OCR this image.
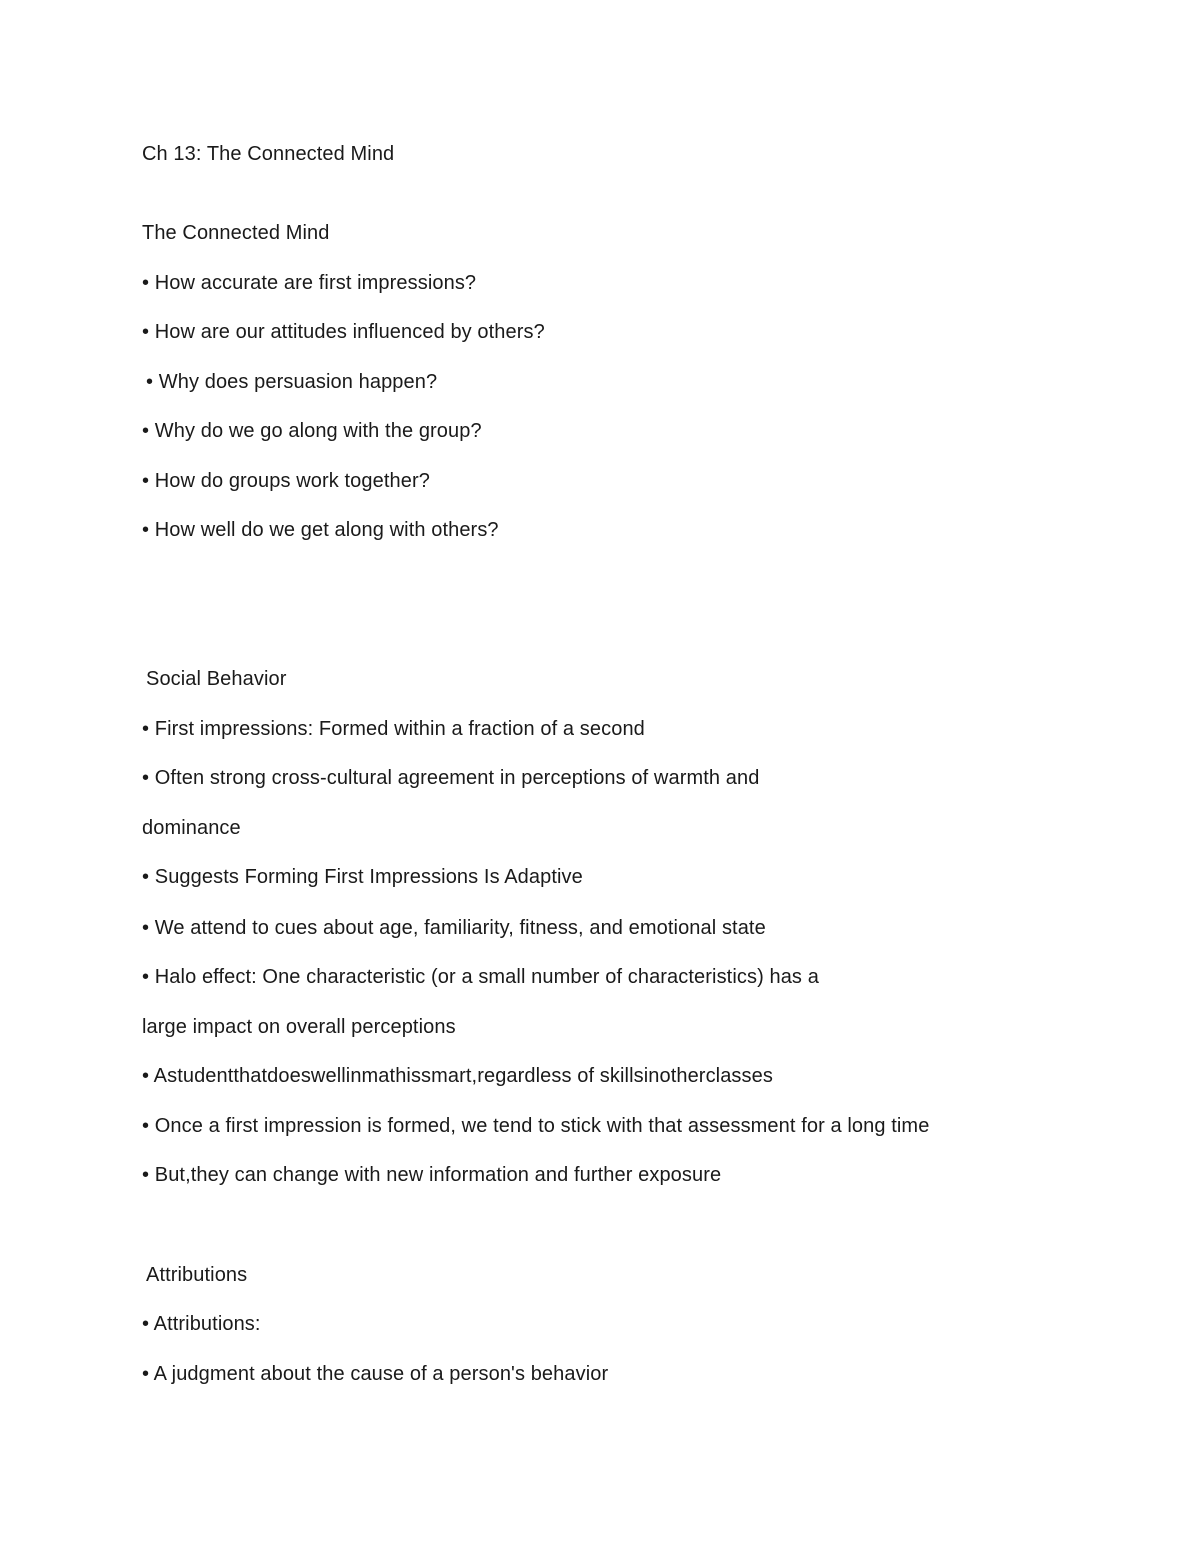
Ch 13: The Connected Mind
The Connected Mind
• How accurate are first impressions?
• How are our attitudes influenced by others?
• Why does persuasion happen?
• Why do we go along with the group?
• How do groups work together?
• How well do we get along with others?
Social Behavior
• First impressions: Formed within a fraction of a second
• Often strong cross-cultural agreement in perceptions of warmth and
dominance
• Suggests Forming First Impressions Is Adaptive
• We attend to cues about age, familiarity, fitness, and emotional state
• Halo effect: One characteristic (or a small number of characteristics) has a
large impact on overall perceptions
• Astudentthatdoeswellinmathissmart,regardless of skillsinotherclasses
• Once a first impression is formed, we tend to stick with that assessment for a long time
• But,they can change with new information and further exposure
Attributions
• Attributions:
• A judgment about the cause of a person's behavior
